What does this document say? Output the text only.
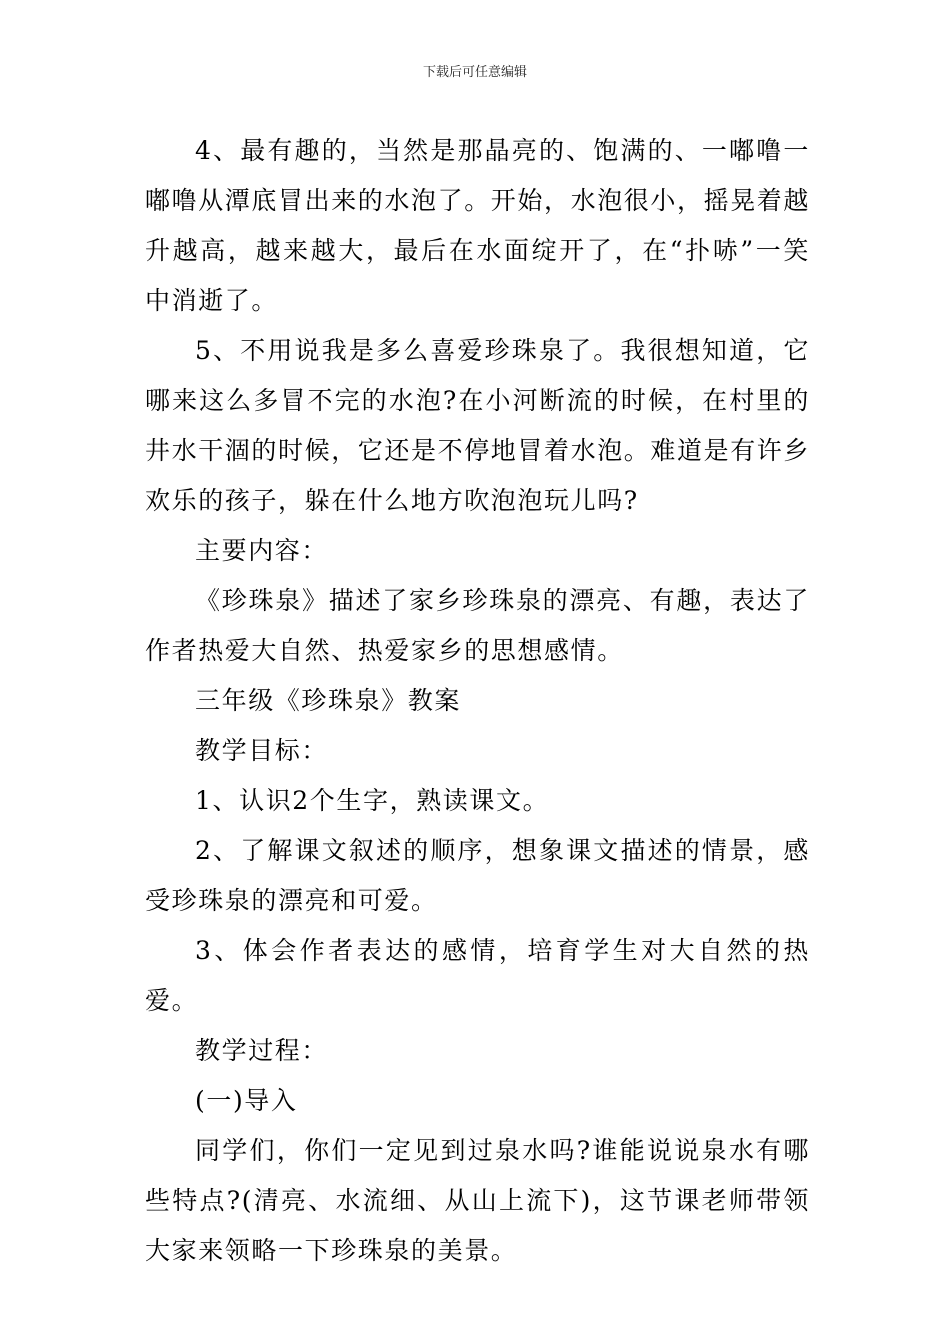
下载后可任意编辑

4、最有趣的，当然是那晶亮的、饱满的、一嘟噜一嘟噜从潭底冒出来的水泡了。开始，水泡很小，摇晃着越升越高，越来越大，最后在水面绽开了，在“扑哧”一笑中消逝了。

5、不用说我是多么喜爱珍珠泉了。我很想知道，它哪来这么多冒不完的水泡?在小河断流的时候，在村里的井水干涸的时候，它还是不停地冒着水泡。难道是有许乡欢乐的孩子，躲在什么地方吹泡泡玩儿吗?

主要内容：

《珍珠泉》描述了家乡珍珠泉的漂亮、有趣，表达了作者热爱大自然、热爱家乡的思想感情。

三年级《珍珠泉》教案

教学目标：

1、认识2个生字，熟读课文。

2、了解课文叙述的顺序，想象课文描述的情景，感受珍珠泉的漂亮和可爱。

3、体会作者表达的感情，培育学生对大自然的热爱。

教学过程：

(一)导入

同学们，你们一定见到过泉水吗?谁能说说泉水有哪些特点?(清亮、水流细、从山上流下)，这节课老师带领大家来领略一下珍珠泉的美景。
